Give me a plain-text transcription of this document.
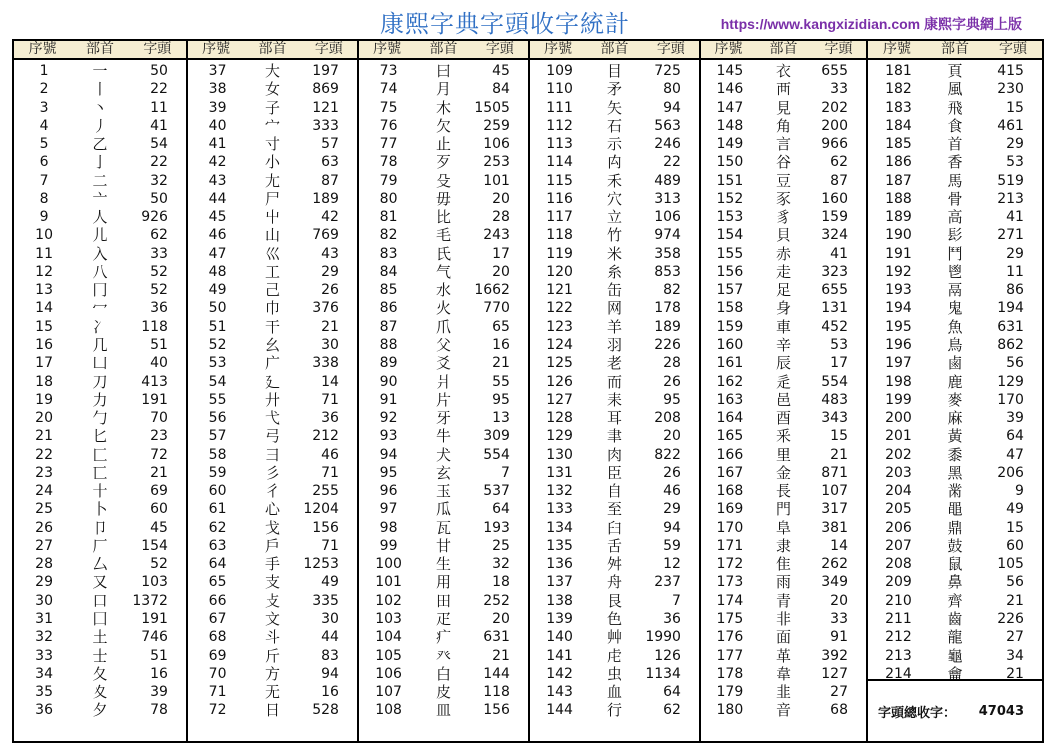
康熙字典字頭收字統計	https://www.kangxizidian.com 康熙字典網上版
序號	部首	字頭
1	一	50
2	丨	22
3	丶	11
4	丿	41
5	乙	54
6	亅	22
7	二	32
8	亠	50
9	人	926
10	儿	62
11	入	33
12	八	52
13	冂	52
14	冖	36
15	冫	118
16	几	51
17	凵	40
18	刀	413
19	力	191
20	勹	70
21	匕	23
22	匚	72
23	匸	21
24	十	69
25	卜	60
26	卩	45
27	厂	154
28	厶	52
29	又	103
30	口	1372
31	囗	191
32	土	746
33	士	51
34	夂	16
35	夊	39
36	夕	78
序號	部首	字頭
37	大	197
38	女	869
39	子	121
40	宀	333
41	寸	57
42	小	63
43	尢	87
44	尸	189
45	屮	42
46	山	769
47	巛	43
48	工	29
49	己	26
50	巾	376
51	干	21
52	幺	30
53	广	338
54	廴	14
55	廾	71
56	弋	36
57	弓	212
58	彐	46
59	彡	71
60	彳	255
61	心	1204
62	戈	156
63	戶	71
64	手	1253
65	支	49
66	攴	335
67	文	30
68	斗	44
69	斤	83
70	方	94
71	无	16
72	日	528
序號	部首	字頭
73	曰	45
74	月	84
75	木	1505
76	欠	259
77	止	106
78	歹	253
79	殳	101
80	毋	20
81	比	28
82	毛	243
83	氏	17
84	气	20
85	水	1662
86	火	770
87	爪	65
88	父	16
89	爻	21
90	爿	55
91	片	95
92	牙	13
93	牛	309
94	犬	554
95	玄	7
96	玉	537
97	瓜	64
98	瓦	193
99	甘	25
100	生	32
101	用	18
102	田	252
103	疋	20
104	疒	631
105	癶	21
106	白	144
107	皮	118
108	皿	156
序號	部首	字頭
109	目	725
110	矛	80
111	矢	94
112	石	563
113	示	246
114	禸	22
115	禾	489
116	穴	313
117	立	106
118	竹	974
119	米	358
120	糸	853
121	缶	82
122	网	178
123	羊	189
124	羽	226
125	老	28
126	而	26
127	耒	95
128	耳	208
129	聿	20
130	肉	822
131	臣	26
132	自	46
133	至	29
134	臼	94
135	舌	59
136	舛	12
137	舟	237
138	艮	7
139	色	36
140	艸	1990
141	虍	126
142	虫	1134
143	血	64
144	行	62
序號	部首	字頭
145	衣	655
146	襾	33
147	見	202
148	角	200
149	言	966
150	谷	62
151	豆	87
152	豕	160
153	豸	159
154	貝	324
155	赤	41
156	走	323
157	足	655
158	身	131
159	車	452
160	辛	53
161	辰	17
162	辵	554
163	邑	483
164	酉	343
165	釆	15
166	里	21
167	金	871
168	長	107
169	門	317
170	阜	381
171	隶	14
172	隹	262
173	雨	349
174	青	20
175	非	33
176	面	91
177	革	392
178	韋	127
179	韭	27
180	音	68
序號	部首	字頭
181	頁	415
182	風	230
183	飛	15
184	食	461
185	首	29
186	香	53
187	馬	519
188	骨	213
189	高	41
190	髟	271
191	鬥	29
192	鬯	11
193	鬲	86
194	鬼	194
195	魚	631
196	鳥	862
197	鹵	56
198	鹿	129
199	麥	170
200	麻	39
201	黃	64
202	黍	47
203	黑	206
204	黹	9
205	黽	49
206	鼎	15
207	鼓	60
208	鼠	105
209	鼻	56
210	齊	21
211	齒	226
212	龍	27
213	龜	34
214	龠	21
字頭總收字： 47043
